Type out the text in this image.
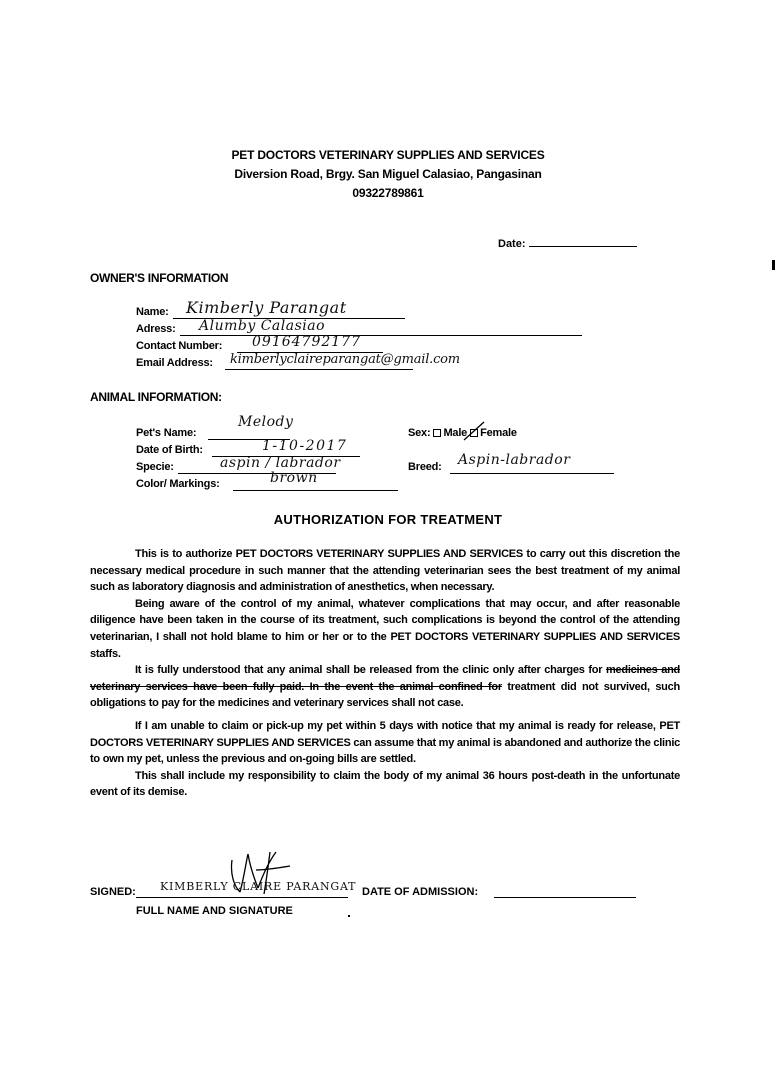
PET DOCTORS VETERINARY SUPPLIES AND SERVICES
Diversion Road, Brgy. San Miguel Calasiao, Pangasinan
09322789861
Date:
OWNER'S INFORMATION
Name: Kimberly Parangat
Adress: Alumby Calasiao
Contact Number: 09164792177
Email Address: kimberlyclaireparangat@gmail.com
ANIMAL INFORMATION:
Pet's Name:
Melody
Date of Birth:	1-10-2017
Specie:	aspin / labrador
Color/ Markings:	brown
Sex: Male Female
Breed: Aspin-labrador
AUTHORIZATION FOR TREATMENT

This is to authorize PET DOCTORS VETERINARY SUPPLIES AND SERVICES to carry out this discretion the necessary medical procedure in such manner that the attending veterinarian sees the best treatment of my animal such as laboratory diagnosis and administration of anesthetics, when necessary.

Being aware of the control of my animal, whatever complications that may occur, and after reasonable diligence have been taken in the course of its treatment, such complications is beyond the control of the attending veterinarian, I shall not hold blame to him or her or to the PET DOCTORS VETERINARY SUPPLIES AND SERVICES staffs.

It is fully understood that any animal shall be released from the clinic only after charges for medicines and veterinary services have been fully paid. In the event the animal confined for treatment did not survived, such obligations to pay for the medicines and veterinary services shall not case.

If I am unable to claim or pick-up my pet within 5 days with notice that my animal is ready for release, PET DOCTORS VETERINARY SUPPLIES AND SERVICES can assume that my animal is abandoned and authorize the clinic to own my pet, unless the previous and on-going bills are settled.

This shall include my responsibility to claim the body of my animal 36 hours post-death in the unfortunate event of its demise.

SIGNED: KIMBERLY CLAIRE PARANGAT
FULL NAME AND SIGNATURE
DATE OF ADMISSION:
